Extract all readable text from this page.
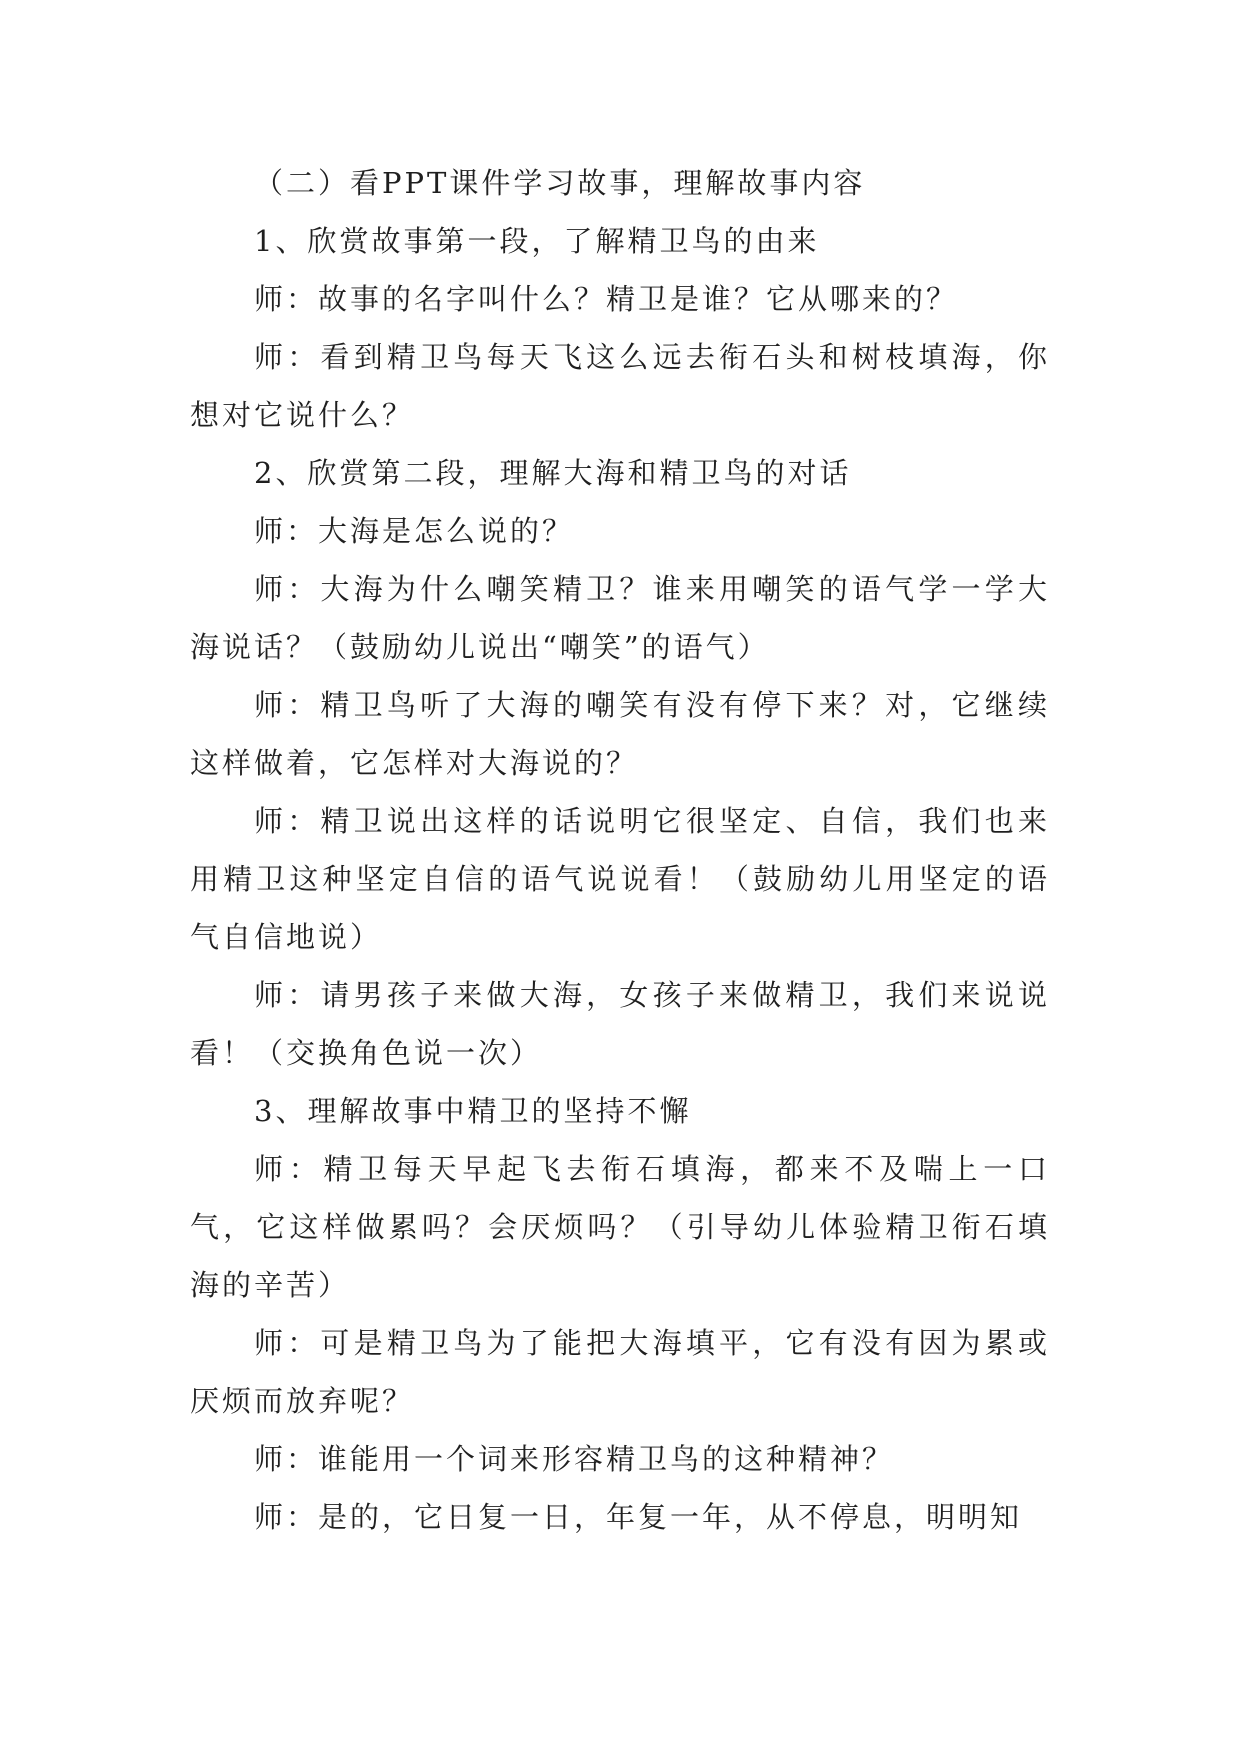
（二）看PPT课件学习故事，理解故事内容

1、欣赏故事第一段，了解精卫鸟的由来

师：故事的名字叫什么？精卫是谁？它从哪来的？

师：看到精卫鸟每天飞这么远去衔石头和树枝填海，你想对它说什么？

2、欣赏第二段，理解大海和精卫鸟的对话

师：大海是怎么说的？

师：大海为什么嘲笑精卫？谁来用嘲笑的语气学一学大海说话？（鼓励幼儿说出“嘲笑”的语气）

师：精卫鸟听了大海的嘲笑有没有停下来？对，它继续这样做着，它怎样对大海说的？

师：精卫说出这样的话说明它很坚定、自信，我们也来用精卫这种坚定自信的语气说说看！（鼓励幼儿用坚定的语气自信地说）

师：请男孩子来做大海，女孩子来做精卫，我们来说说看！（交换角色说一次）

3、理解故事中精卫的坚持不懈

师：精卫每天早起飞去衔石填海，都来不及喘上一口气，它这样做累吗？会厌烦吗？（引导幼儿体验精卫衔石填海的辛苦）

师：可是精卫鸟为了能把大海填平，它有没有因为累或厌烦而放弃呢？

师：谁能用一个词来形容精卫鸟的这种精神？

师：是的，它日复一日，年复一年，从不停息，明明知
